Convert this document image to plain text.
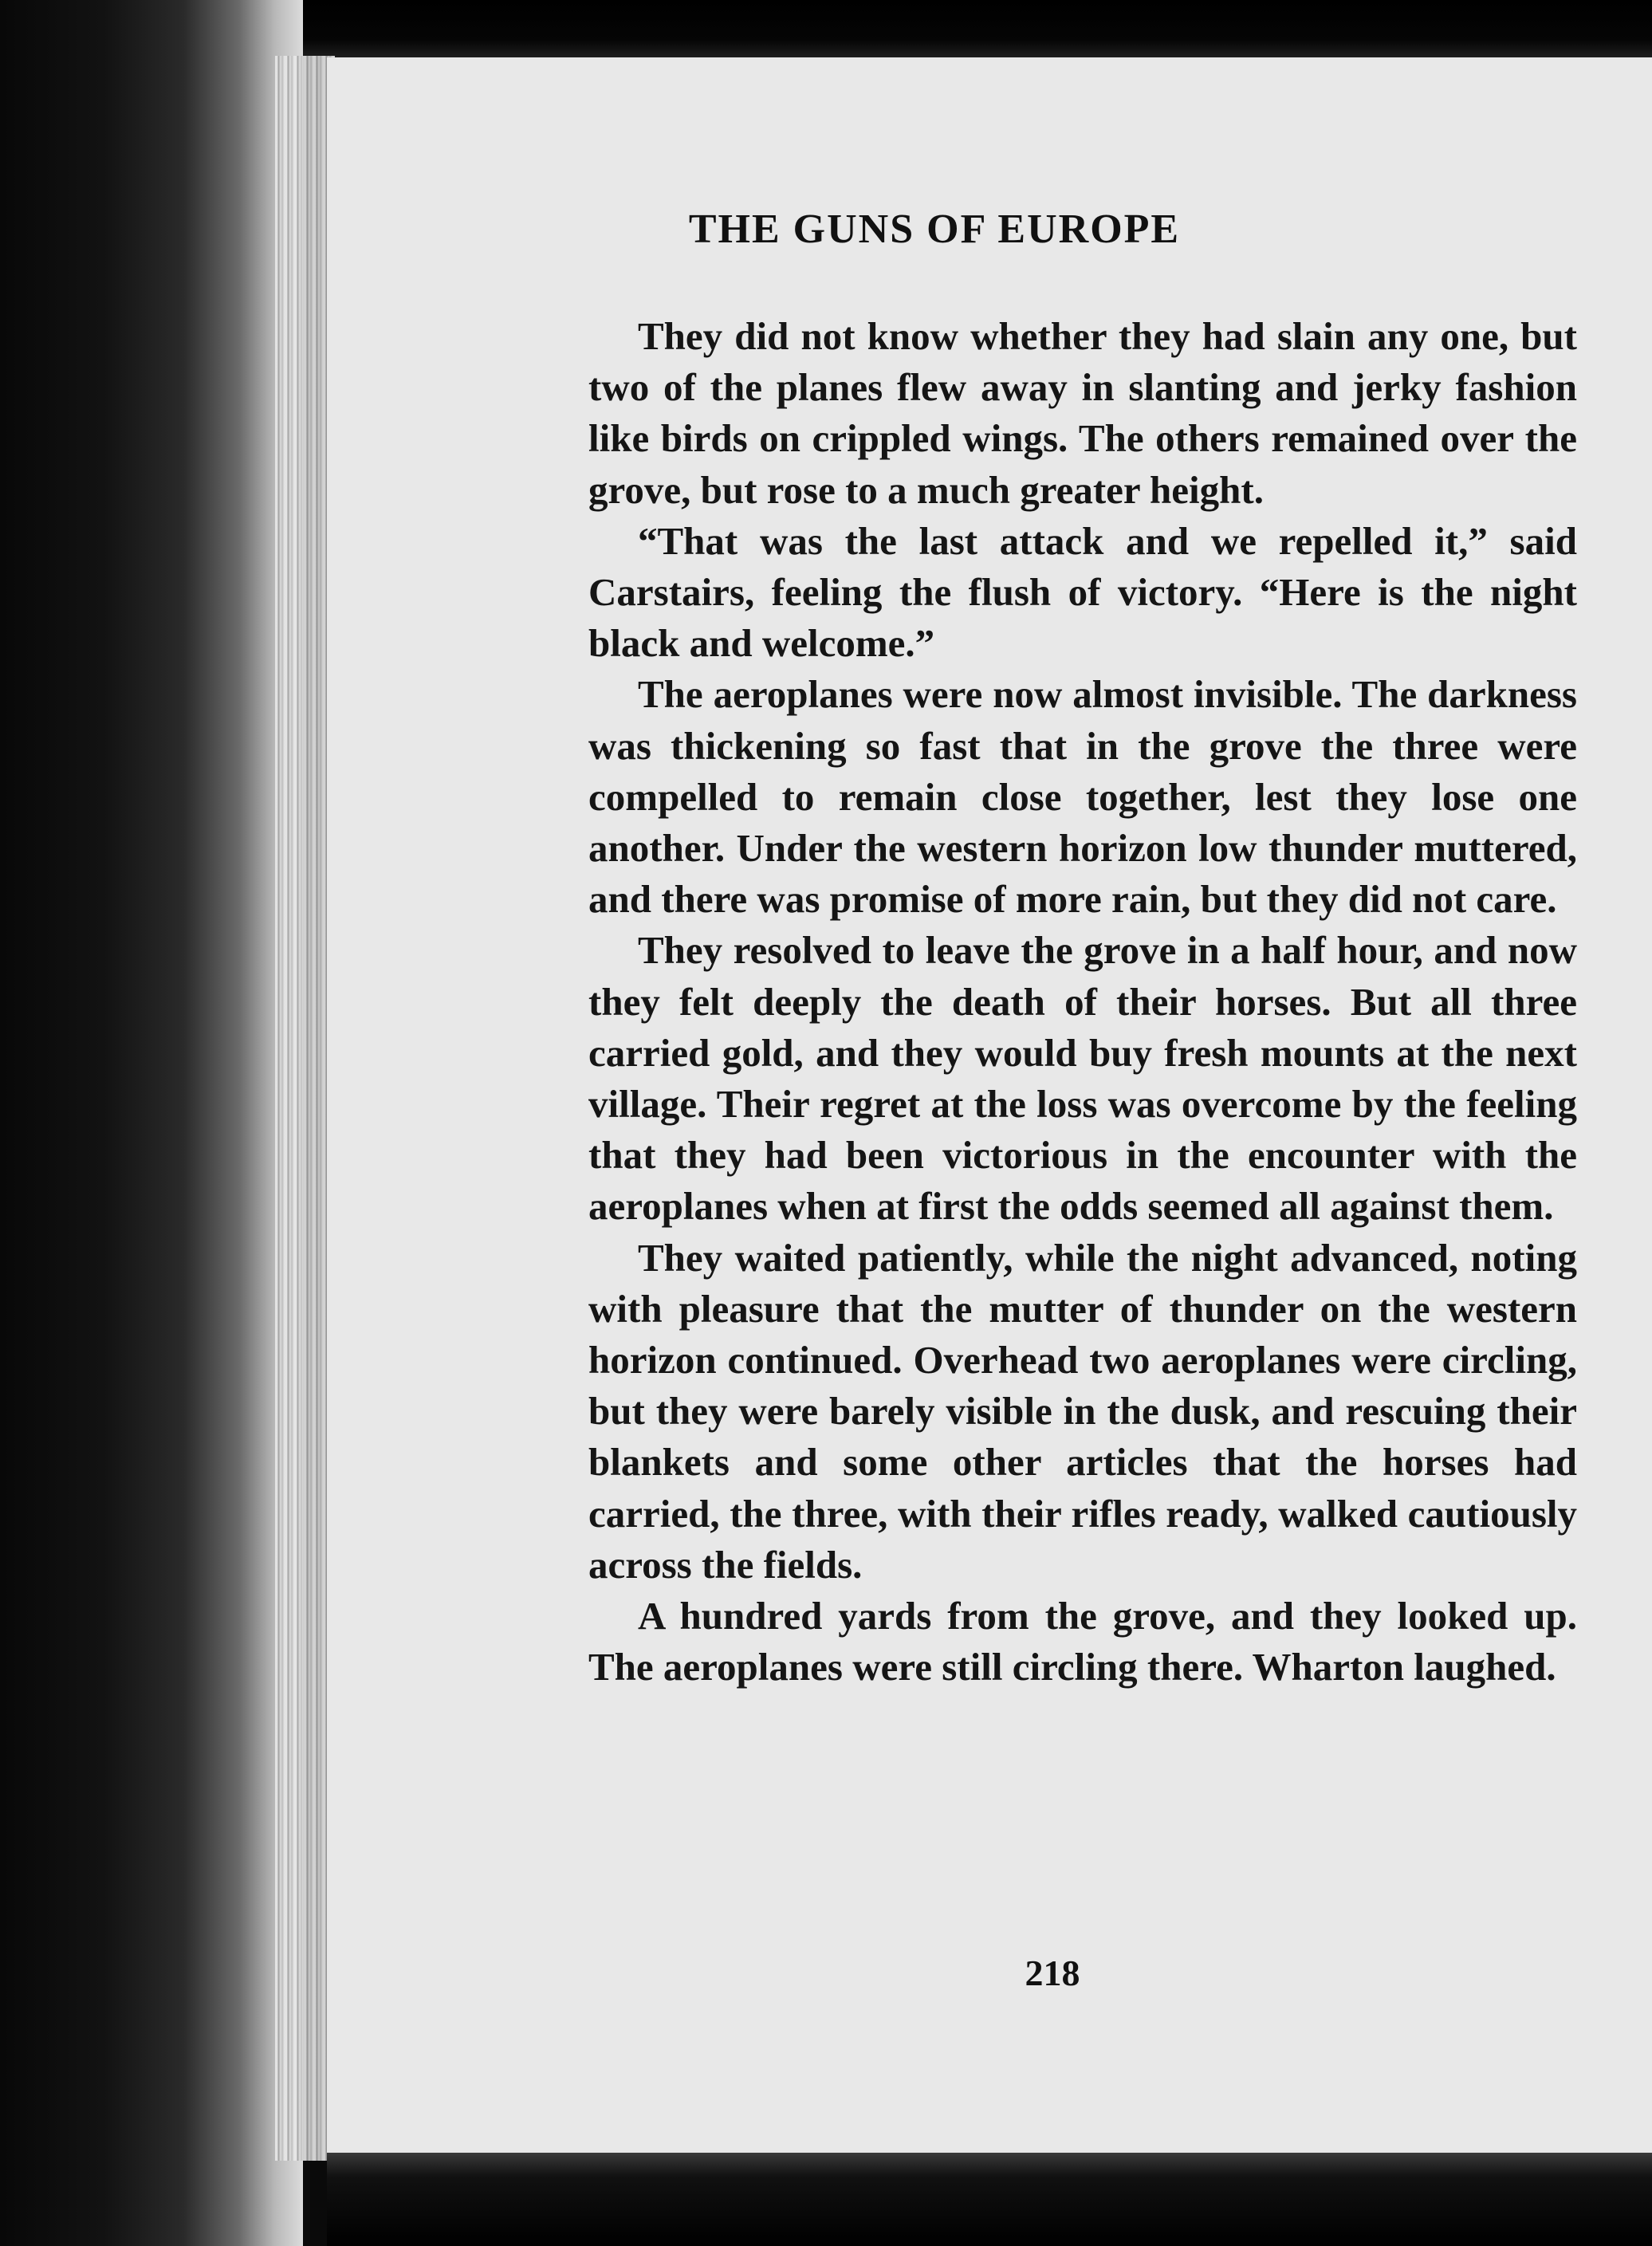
THE GUNS OF EUROPE

They did not know whether they had slain any one, but two of the planes flew away in slanting and jerky fashion like birds on crippled wings. The others remained over the grove, but rose to a much greater height.

“That was the last attack and we repelled it,” said Carstairs, feeling the flush of victory. “Here is the night black and welcome.”

The aeroplanes were now almost invisible. The darkness was thickening so fast that in the grove the three were compelled to remain close together, lest they lose one another. Under the western horizon low thunder muttered, and there was promise of more rain, but they did not care.

They resolved to leave the grove in a half hour, and now they felt deeply the death of their horses. But all three carried gold, and they would buy fresh mounts at the next village. Their regret at the loss was overcome by the feeling that they had been victorious in the encounter with the aeroplanes when at first the odds seemed all against them.

They waited patiently, while the night advanced, noting with pleasure that the mutter of thunder on the western horizon continued. Overhead two aeroplanes were circling, but they were barely visible in the dusk, and rescuing their blankets and some other articles that the horses had carried, the three, with their rifles ready, walked cautiously across the fields.

A hundred yards from the grove, and they looked up. The aeroplanes were still circling there. Wharton laughed.

218
